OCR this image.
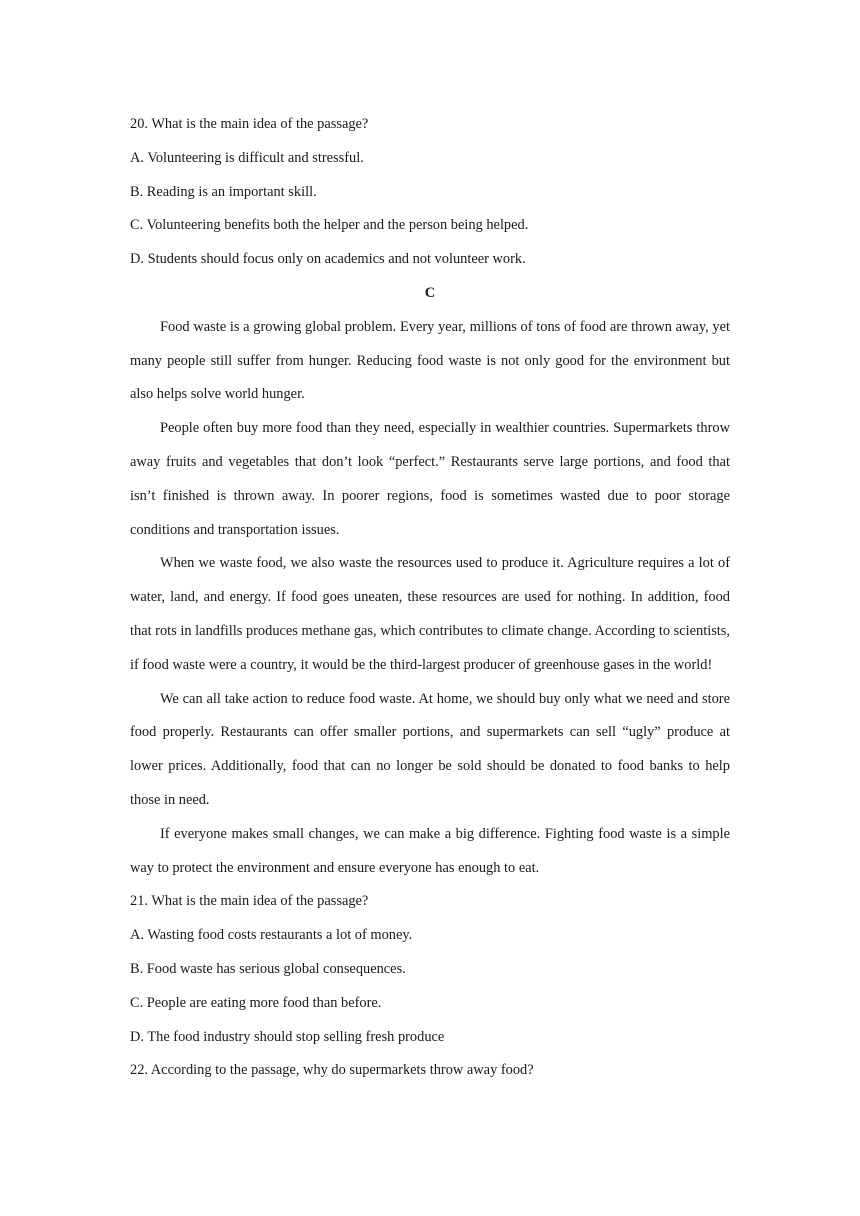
20. What is the main idea of the passage?

A. Volunteering is difficult and stressful.

B. Reading is an important skill.

C. Volunteering benefits both the helper and the person being helped.

D. Students should focus only on academics and not volunteer work.

C

Food waste is a growing global problem. Every year, millions of tons of food are thrown away, yet many people still suffer from hunger. Reducing food waste is not only good for the environment but also helps solve world hunger.

People often buy more food than they need, especially in wealthier countries. Supermarkets throw away fruits and vegetables that don’t look “perfect.” Restaurants serve large portions, and food that isn’t finished is thrown away. In poorer regions, food is sometimes wasted due to poor storage conditions and transportation issues.

When we waste food, we also waste the resources used to produce it. Agriculture requires a lot of water, land, and energy. If food goes uneaten, these resources are used for nothing. In addition, food that rots in landfills produces methane gas, which contributes to climate change. According to scientists, if food waste were a country, it would be the third-largest producer of greenhouse gases in the world!

We can all take action to reduce food waste. At home, we should buy only what we need and store food properly. Restaurants can offer smaller portions, and supermarkets can sell “ugly” produce at lower prices. Additionally, food that can no longer be sold should be donated to food banks to help those in need.

If everyone makes small changes, we can make a big difference. Fighting food waste is a simple way to protect the environment and ensure everyone has enough to eat.

21. What is the main idea of the passage?

A. Wasting food costs restaurants a lot of money.

B. Food waste has serious global consequences.

C. People are eating more food than before.

D. The food industry should stop selling fresh produce

22. According to the passage, why do supermarkets throw away food?
